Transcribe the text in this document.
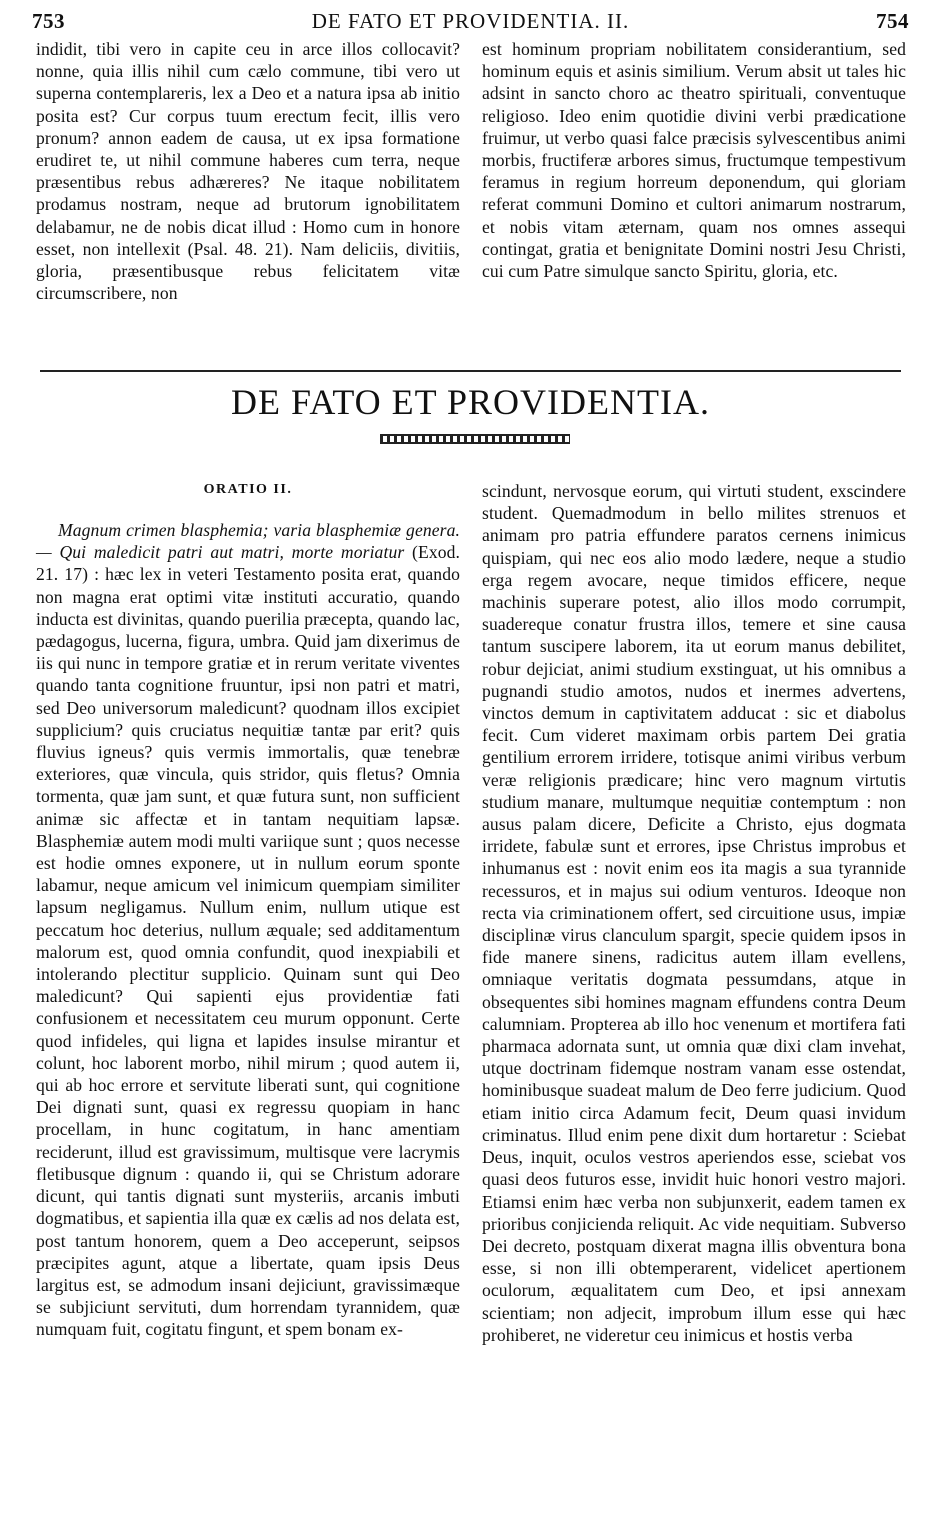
753	DE FATO ET PROVIDENTIA. II.	754

indidit, tibi vero in capite ceu in arce illos collocavit? nonne, quia illis nihil cum cælo commune, tibi vero ut superna contemplareris, lex a Deo et a natura ipsa ab initio posita est? Cur corpus tuum erectum fecit, illis vero pronum? annon eadem de causa, ut ex ipsa formatione erudiret te, ut nihil commune haberes cum terra, neque præsentibus rebus adhæreres? Ne itaque nobilitatem prodamus nostram, neque ad brutorum ignobilitatem delabamur, ne de nobis dicat illud : Homo cum in honore esset, non intellexit (Psal. 48. 21). Nam deliciis, divitiis, gloria, præsentibusque rebus felicitatem vitæ circumscribere, non

est hominum propriam nobilitatem considerantium, sed hominum equis et asinis similium. Verum absit ut tales hic adsint in sancto choro ac theatro spirituali, conventuque religioso. Ideo enim quotidie divini verbi prædicatione fruimur, ut verbo quasi falce præcisis sylvescentibus animi morbis, fructiferæ arbores simus, fructumque tempestivum feramus in regium horreum deponendum, qui gloriam referat communi Domino et cultori animarum nostrarum, et nobis vitam æternam, quam nos omnes assequi contingat, gratia et benignitate Domini nostri Jesu Christi, cui cum Patre simulque sancto Spiritu, gloria, etc.

DE FATO ET PROVIDENTIA.
ORATIO II.

Magnum crimen blasphemia; varia blasphemiæ genera. — Qui maledicit patri aut matri, morte moriatur (Exod. 21. 17) : hæc lex in veteri Testamento posita erat, quando non magna erat optimi vitæ instituti accuratio, quando inducta est divinitas, quando puerilia præcepta, quando lac, pædagogus, lucerna, figura, umbra. Quid jam dixerimus de iis qui nunc in tempore gratiæ et in rerum veritate viventes quando tanta cognitione fruuntur, ipsi non patri et matri, sed Deo universorum maledicunt? quodnam illos excipiet supplicium? quis cruciatus nequitiæ tantæ par erit? quis fluvius igneus? quis vermis immortalis, quæ tenebræ exteriores, quæ vincula, quis stridor, quis fletus? Omnia tormenta, quæ jam sunt, et quæ futura sunt, non sufficient animæ sic affectæ et in tantam nequitiam lapsæ. Blasphemiæ autem modi multi variique sunt ; quos necesse est hodie omnes exponere, ut in nullum eorum sponte labamur, neque amicum vel inimicum quempiam similiter lapsum negligamus. Nullum enim, nullum utique est peccatum hoc deterius, nullum æquale; sed additamentum malorum est, quod omnia confundit, quod inexpiabili et intolerando plectitur supplicio. Quinam sunt qui Deo maledicunt? Qui sapienti ejus providentiæ fati confusionem et necessitatem ceu murum opponunt. Certe quod infideles, qui ligna et lapides insulse mirantur et colunt, hoc laborent morbo, nihil mirum ; quod autem ii, qui ab hoc errore et servitute liberati sunt, qui cognitione Dei dignati sunt, quasi ex regressu quopiam in hanc procellam, in hunc cogitatum, in hanc amentiam reciderunt, illud est gravissimum, multisque vere lacrymis fletibusque dignum : quando ii, qui se Christum adorare dicunt, qui tantis dignati sunt mysteriis, arcanis imbuti dogmatibus, et sapientia illa quæ ex cælis ad nos delata est, post tantum honorem, quem a Deo acceperunt, seipsos præcipites agunt, atque a libertate, quam ipsis Deus largitus est, se admodum insani dejiciunt, gravissimæque se subjiciunt servituti, dum horrendam tyrannidem, quæ numquam fuit, cogitatu fingunt, et spem bonam ex-

scindunt, nervosque eorum, qui virtuti student, exscindere student. Quemadmodum in bello milites strenuos et animam pro patria effundere paratos cernens inimicus quispiam, qui nec eos alio modo lædere, neque a studio erga regem avocare, neque timidos efficere, neque machinis superare potest, alio illos modo corrumpit, suadereque conatur frustra illos, temere et sine causa tantum suscipere laborem, ita ut eorum manus debilitet, robur dejiciat, animi studium exstinguat, ut his omnibus a pugnandi studio amotos, nudos et inermes advertens, vinctos demum in captivitatem adducat : sic et diabolus fecit. Cum videret maximam orbis partem Dei gratia gentilium errorem irridere, totisque animi viribus verbum veræ religionis prædicare; hinc vero magnum virtutis studium manare, multumque nequitiæ contemptum : non ausus palam dicere, Deficite a Christo, ejus dogmata irridete, fabulæ sunt et errores, ipse Christus improbus et inhumanus est : novit enim eos ita magis a sua tyrannide recessuros, et in majus sui odium venturos. Ideoque non recta via criminationem offert, sed circuitione usus, impiæ disciplinæ virus clanculum spargit, specie quidem ipsos in fide manere sinens, radicitus autem illam evellens, omniaque veritatis dogmata pessumdans, atque in obsequentes sibi homines magnam effundens contra Deum calumniam. Propterea ab illo hoc venenum et mortifera fati pharmaca adornata sunt, ut omnia quæ dixi clam invehat, utque doctrinam fidemque nostram vanam esse ostendat, hominibusque suadeat malum de Deo ferre judicium. Quod etiam initio circa Adamum fecit, Deum quasi invidum criminatus. Illud enim pene dixit dum hortaretur : Sciebat Deus, inquit, oculos vestros aperiendos esse, sciebat vos quasi deos futuros esse, invidit huic honori vestro majori. Etiamsi enim hæc verba non subjunxerit, eadem tamen ex prioribus conjicienda reliquit. Ac vide nequitiam. Subverso Dei decreto, postquam dixerat magna illis obventura bona esse, si non illi obtemperarent, videlicet apertionem oculorum, æqualitatem cum Deo, et ipsi annexam scientiam; non adjecit, improbum illum esse qui hæc prohiberet, ne videretur ceu inimicus et hostis verba
